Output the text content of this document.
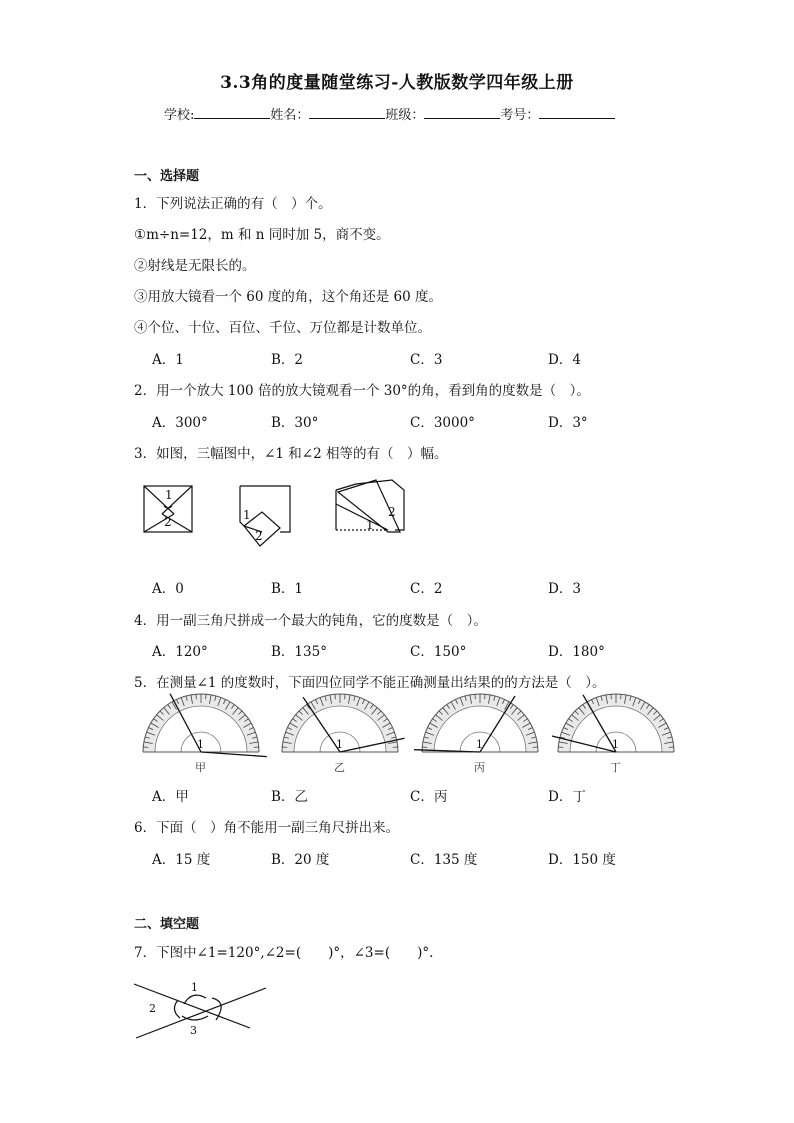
3.3角的度量随堂练习-人教版数学四年级上册
学校:	姓名：	班级：	考号：
一、选择题
1．下列说法正确的有（　）个。
①m÷n=12，m 和 n 同时加 5，商不变。
②射线是无限长的。
③用放大镜看一个 60 度的角，这个角还是 60 度。
④个位、十位、百位、千位、万位都是计数单位。
A．1	B．2	C．3	D．4
2．用一个放大 100 倍的放大镜观看一个 30°的角，看到角的度数是（　）。
A．300°	B．30°	C．3000°	D．3°
3．如图，三幅图中，∠1 和∠2 相等的有（　）幅。
1
2	1
2
2
1
A．0	B．1	C．2	D．3
4．用一副三角尺拼成一个最大的钝角，它的度数是（　）。
A．120°	B．135°	C．150°	D．180°
5．在测量∠1 的度数时，下面四位同学不能正确测量出结果的的方法是（　）。
1
甲
1
乙
1
丙
1
丁
A．甲	B．乙	C．丙	D．丁
6．下面（　）角不能用一副三角尺拼出来。
A．15 度	B．20 度	C．135 度	D．150 度
二、填空题
7．下图中∠1=120°,∠2=(　　)°，∠3=(　　)°.
1
2
3
